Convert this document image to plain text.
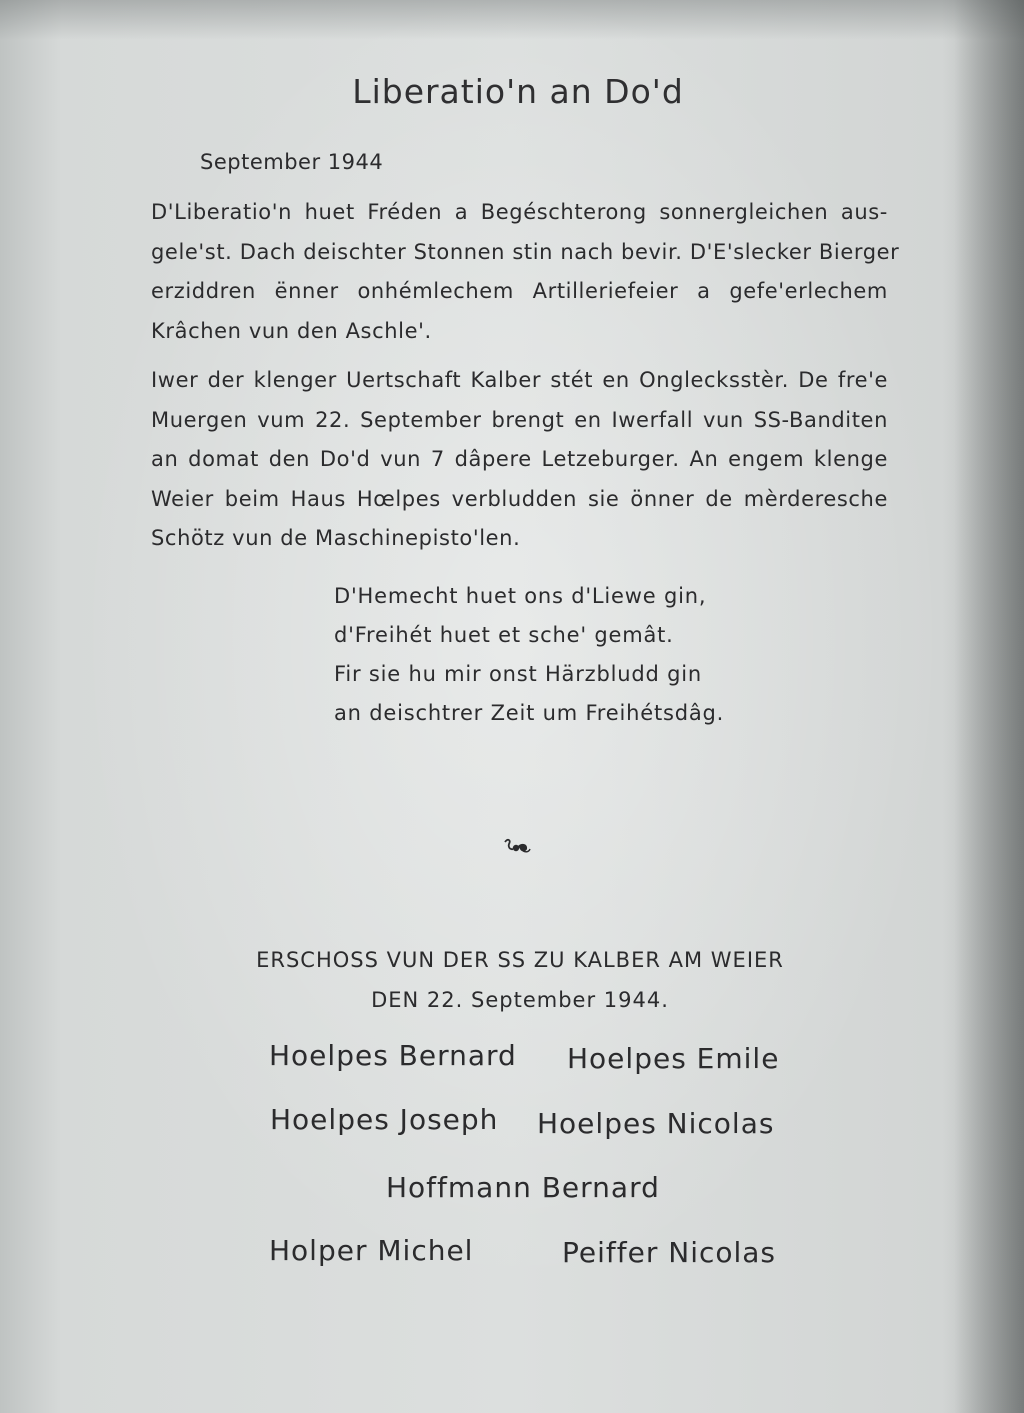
Liberatio'n an Do'd
September 1944
D'Liberatio'n huet Fréden a Begéschterong sonnergleichen aus-
gele'st. Dach deischter Stonnen stin nach bevir. D'E'slecker Bierger
erziddren ënner onhémlechem Artilleriefeier a gefe'erlechem
Krâchen vun den Aschle'.
Iwer der klenger Uertschaft Kalber stét en Onglecksstèr. De fre'e
Muergen vum 22. September brengt en Iwerfall vun SS-Banditen
an domat den Do'd vun 7 dâpere Letzeburger. An engem klenge
Weier beim Haus Hœlpes verbludden sie önner de mèrderesche
Schötz vun de Maschinepisto'len.
D'Hemecht huet ons d'Liewe gin,
d'Freihét huet et sche' gemât.
Fir sie hu mir onst Härzbludd gin
an deischtrer Zeit um Freihétsdâg.
ERSCHOSS VUN DER SS ZU KALBER AM WEIER
DEN 22. September 1944.
Hoelpes Bernard Hoelpes Emile
Hoelpes Joseph Hoelpes Nicolas
Hoffmann Bernard
Holper Michel	Peiffer Nicolas
